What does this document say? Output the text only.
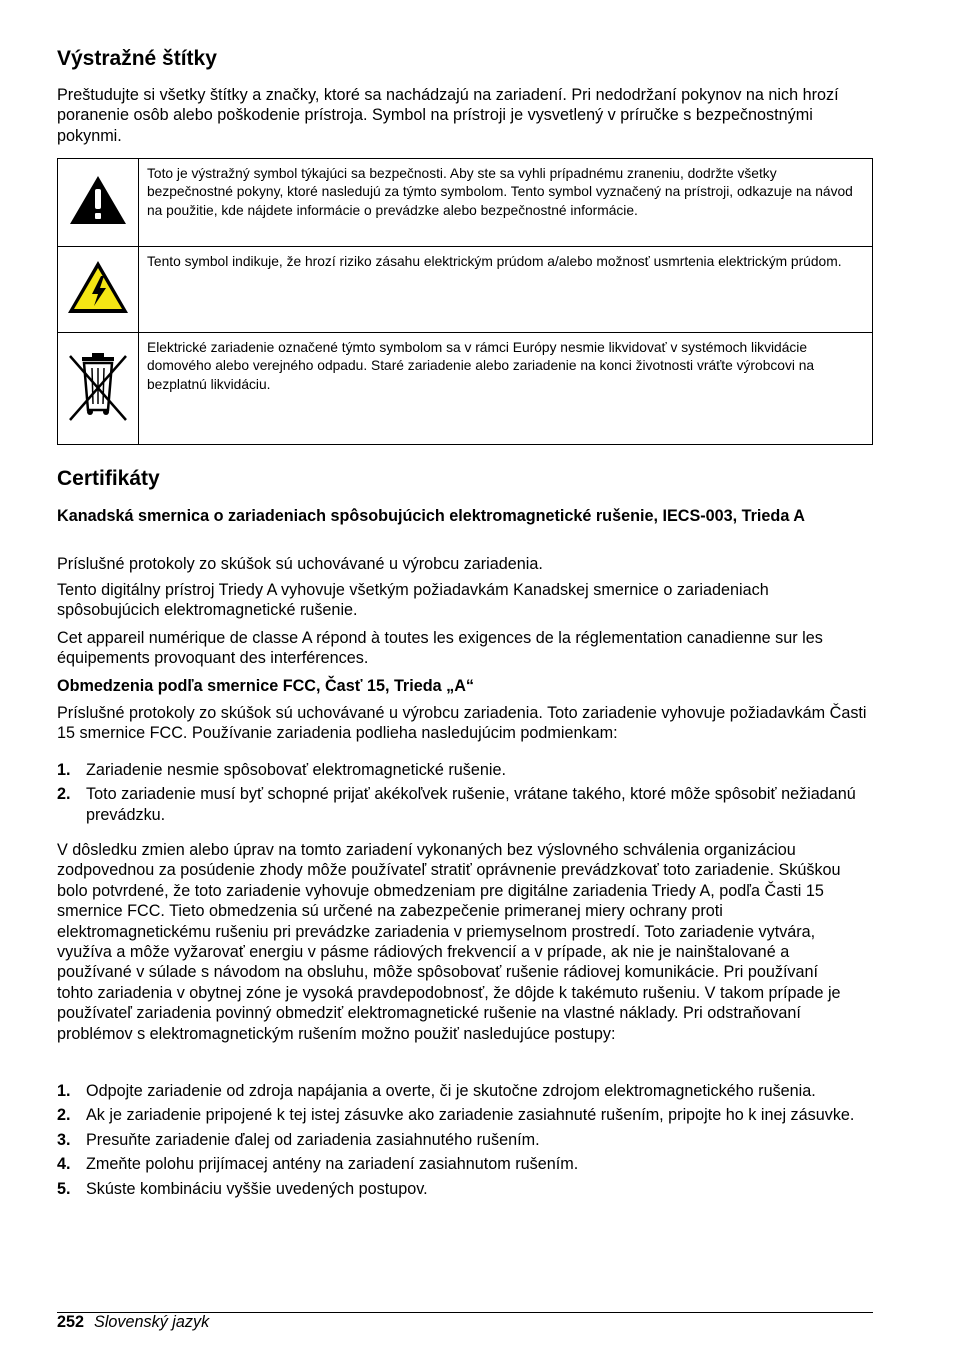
Výstražné štítky

Preštudujte si všetky štítky a značky, ktoré sa nachádzajú na zariadení. Pri nedodržaní pokynov na nich hrozí poranenie osôb alebo poškodenie prístroja. Symbol na prístroji je vysvetlený v príručke s bezpečnostnými pokynmi.

	Toto je výstražný symbol týkajúci sa bezpečnosti. Aby ste sa vyhli prípadnému zraneniu, dodržte všetky bezpečnostné pokyny, ktoré nasledujú za týmto symbolom. Tento symbol vyznačený na prístroji, odkazuje na návod na použitie, kde nájdete informácie o prevádzke alebo bezpečnostné informácie.
	Tento symbol indikuje, že hrozí riziko zásahu elektrickým prúdom a/alebo možnosť usmrtenia elektrickým prúdom.
	Elektrické zariadenie označené týmto symbolom sa v rámci Európy nesmie likvidovať v systémoch likvidácie domového alebo verejného odpadu. Staré zariadenie alebo zariadenie na konci životnosti vráťte výrobcovi na bezplatnú likvidáciu.
Certifikáty

Kanadská smernica o zariadeniach spôsobujúcich elektromagnetické rušenie, IECS-003, Trieda A

Príslušné protokoly zo skúšok sú uchovávané u výrobcu zariadenia.

Tento digitálny prístroj Triedy A vyhovuje všetkým požiadavkám Kanadskej smernice o zariadeniach spôsobujúcich elektromagnetické rušenie.

Cet appareil numérique de classe A répond à toutes les exigences de la réglementation canadienne sur les équipements provoquant des interférences.

Obmedzenia podľa smernice FCC, Časť 15, Trieda „A“

Príslušné protokoly zo skúšok sú uchovávané u výrobcu zariadenia. Toto zariadenie vyhovuje požiadavkám Časti 15 smernice FCC. Používanie zariadenia podlieha nasledujúcim podmienkam:

1. Zariadenie nesmie spôsobovať elektromagnetické rušenie.
2. Toto zariadenie musí byť schopné prijať akékoľvek rušenie, vrátane takého, ktoré môže spôsobiť nežiadanú prevádzku.

V dôsledku zmien alebo úprav na tomto zariadení vykonaných bez výslovného schválenia organizáciou zodpovednou za posúdenie zhody môže používateľ stratiť oprávnenie prevádzkovať toto zariadenie. Skúškou bolo potvrdené, že toto zariadenie vyhovuje obmedzeniam pre digitálne zariadenia Triedy A, podľa Časti 15 smernice FCC. Tieto obmedzenia sú určené na zabezpečenie primeranej miery ochrany proti elektromagnetickému rušeniu pri prevádzke zariadenia v priemyselnom prostredí. Toto zariadenie vytvára, využíva a môže vyžarovať energiu v pásme rádiových frekvencií a v prípade, ak nie je nainštalované a používané v súlade s návodom na obsluhu, môže spôsobovať rušenie rádiovej komunikácie. Pri používaní tohto zariadenia v obytnej zóne je vysoká pravdepodobnosť, že dôjde k takémuto rušeniu. V takom prípade je používateľ zariadenia povinný obmedziť elektromagnetické rušenie na vlastné náklady. Pri odstraňovaní problémov s elektromagnetickým rušením možno použiť nasledujúce postupy:

1. Odpojte zariadenie od zdroja napájania a overte, či je skutočne zdrojom elektromagnetického rušenia.
2. Ak je zariadenie pripojené k tej istej zásuvke ako zariadenie zasiahnuté rušením, pripojte ho k inej zásuvke.
3. Presuňte zariadenie ďalej od zariadenia zasiahnutého rušením.
4. Zmeňte polohu prijímacej antény na zariadení zasiahnutom rušením.
5. Skúste kombináciu vyššie uvedených postupov.
252 Slovenský jazyk
